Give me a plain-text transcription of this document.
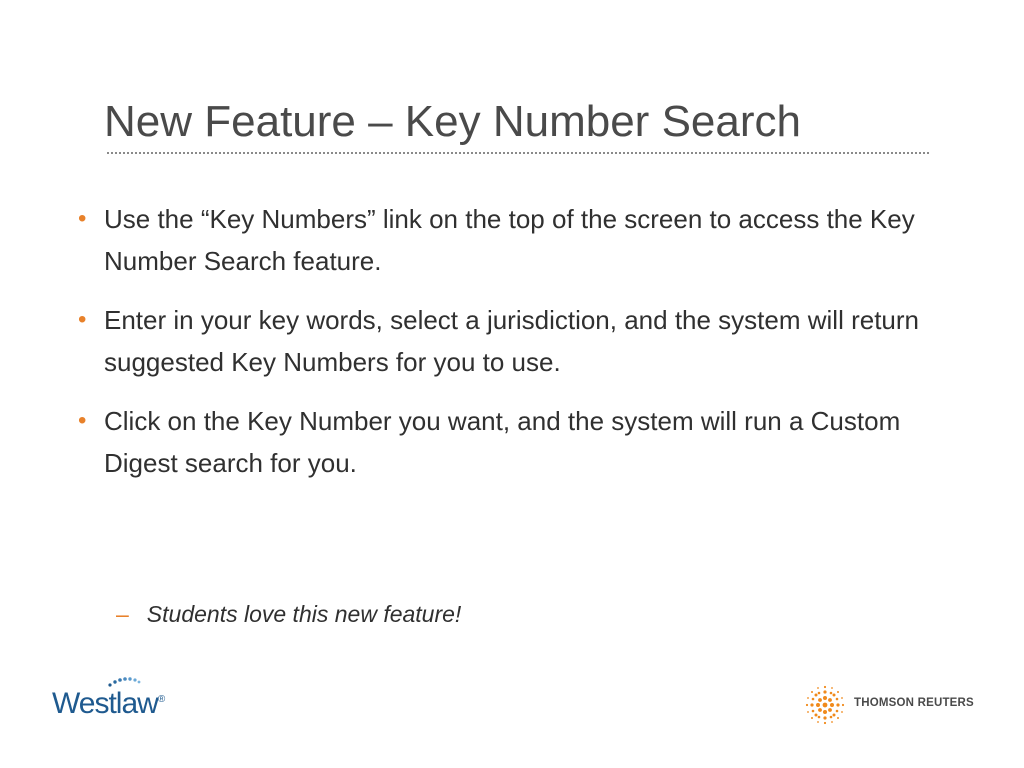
New Feature – Key Number Search
• Use the “Key Numbers” link on the top of the screen to access the Key Number Search feature.
• Enter in your key words, select a jurisdiction, and the system will return suggested Key Numbers for you to use.
• Click on the Key Number you want, and the system will run a Custom Digest search for you.
– Students love this new feature!
Westlaw®	THOMSON REUTERS
